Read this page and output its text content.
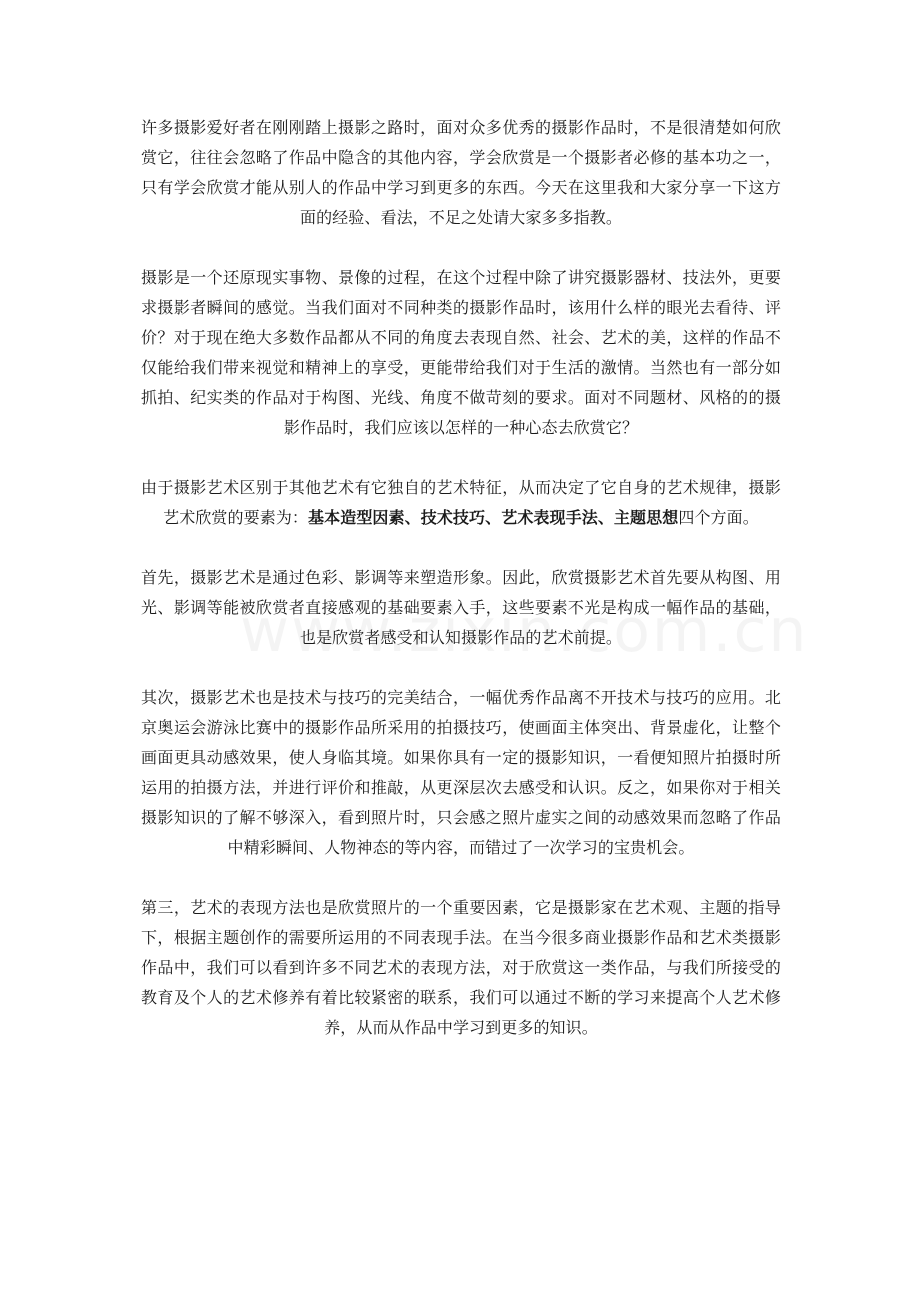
许多摄影爱好者在刚刚踏上摄影之路时，面对众多优秀的摄影作品时，不是很清楚如何欣赏它，往往会忽略了作品中隐含的其他内容，学会欣赏是一个摄影者必修的基本功之一，只有学会欣赏才能从别人的作品中学习到更多的东西。今天在这里我和大家分享一下这方面的经验、看法，不足之处请大家多多指教。

摄影是一个还原现实事物、景像的过程，在这个过程中除了讲究摄影器材、技法外，更要求摄影者瞬间的感觉。当我们面对不同种类的摄影作品时，该用什么样的眼光去看待、评价？对于现在绝大多数作品都从不同的角度去表现自然、社会、艺术的美，这样的作品不仅能给我们带来视觉和精神上的享受，更能带给我们对于生活的激情。当然也有一部分如抓拍、纪实类的作品对于构图、光线、角度不做苛刻的要求。面对不同题材、风格的的摄影作品时，我们应该以怎样的一种心态去欣赏它？

由于摄影艺术区别于其他艺术有它独自的艺术特征，从而决定了它自身的艺术规律，摄影艺术欣赏的要素为：基本造型因素、技术技巧、艺术表现手法、主题思想四个方面。

首先，摄影艺术是通过色彩、影调等来塑造形象。因此，欣赏摄影艺术首先要从构图、用光、影调等能被欣赏者直接感观的基础要素入手，这些要素不光是构成一幅作品的基础，也是欣赏者感受和认知摄影作品的艺术前提。

其次，摄影艺术也是技术与技巧的完美结合，一幅优秀作品离不开技术与技巧的应用。北京奥运会游泳比赛中的摄影作品所采用的拍摄技巧，使画面主体突出、背景虚化，让整个画面更具动感效果，使人身临其境。如果你具有一定的摄影知识，一看便知照片拍摄时所运用的拍摄方法，并进行评价和推敲，从更深层次去感受和认识。反之，如果你对于相关摄影知识的了解不够深入，看到照片时，只会感之照片虚实之间的动感效果而忽略了作品中精彩瞬间、人物神态的等内容，而错过了一次学习的宝贵机会。

第三，艺术的表现方法也是欣赏照片的一个重要因素，它是摄影家在艺术观、主题的指导下，根据主题创作的需要所运用的不同表现手法。在当今很多商业摄影作品和艺术类摄影作品中，我们可以看到许多不同艺术的表现方法，对于欣赏这一类作品，与我们所接受的教育及个人的艺术修养有着比较紧密的联系，我们可以通过不断的学习来提高个人艺术修养，从而从作品中学习到更多的知识。
